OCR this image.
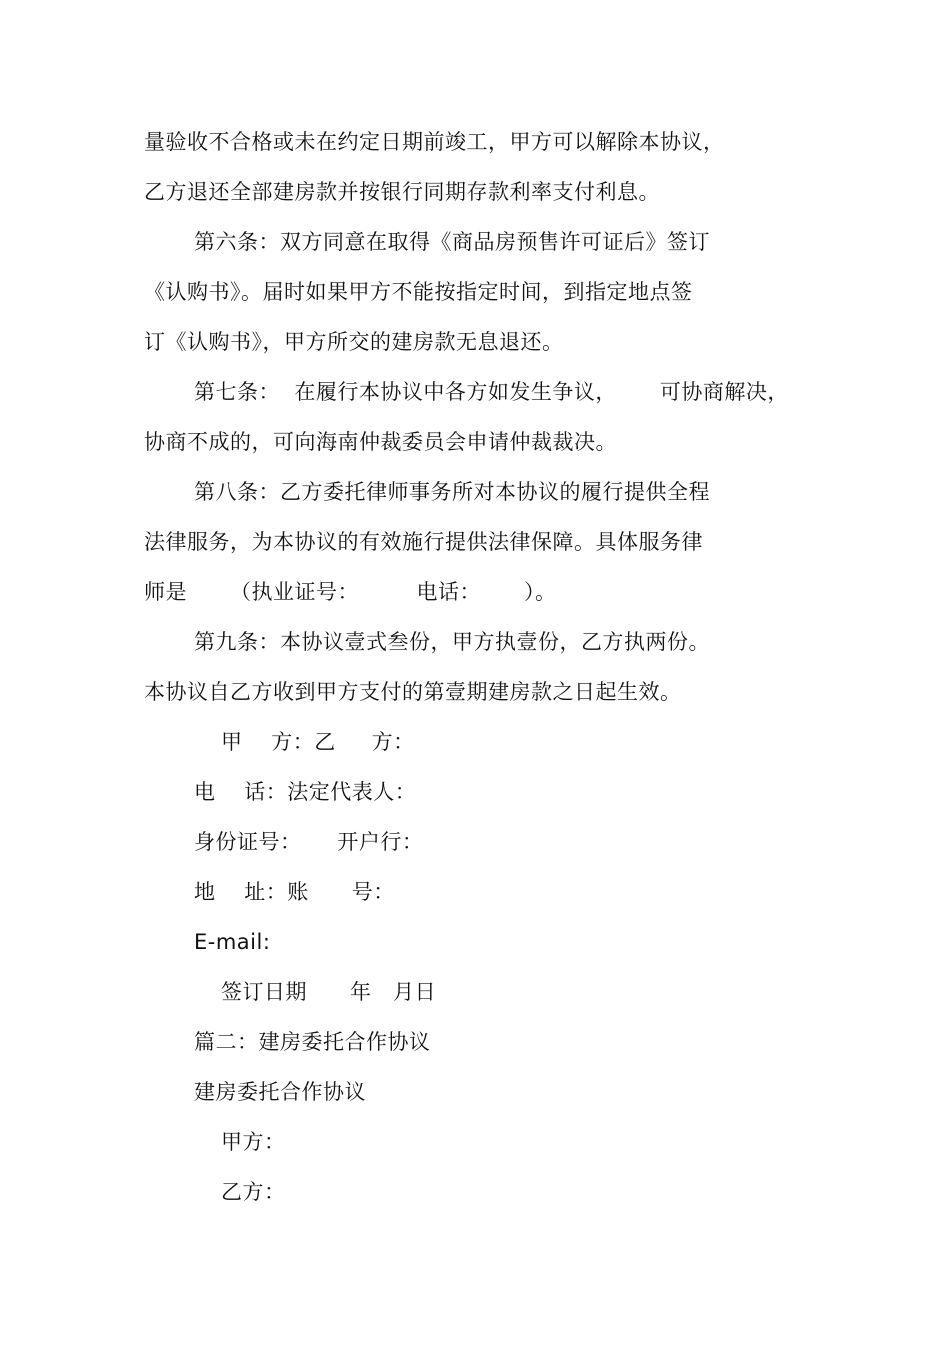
量验收不合格或未在约定日期前竣工，甲方可以解除本协议，
乙方退还全部建房款并按银行同期存款利率支付利息。
第六条：双方同意在取得《商品房预售许可证后》签订
《认购书》。届时如果甲方不能按指定时间，到指定地点签
订《认购书》，甲方所交的建房款无息退还。
第七条：  在履行本协议中各方如发生争议，      可协商解决，
协商不成的，可向海南仲裁委员会申请仲裁裁决。
第八条：乙方委托律师事务所对本协议的履行提供全程
法律服务，为本协议的有效施行提供法律保障。具体服务律
师是      （执业证号：        电话：      ）。
第九条：本协议壹式叁份，甲方执壹份，乙方执两份。
本协议自乙方收到甲方支付的第壹期建房款之日起生效。
甲    方：乙     方：
电    话：法定代表人：
身份证号：     开户行：
地    址：账      号：
E-mail:
签订日期      年   月日
篇二：建房委托合作协议
建房委托合作协议
甲方：
乙方：
